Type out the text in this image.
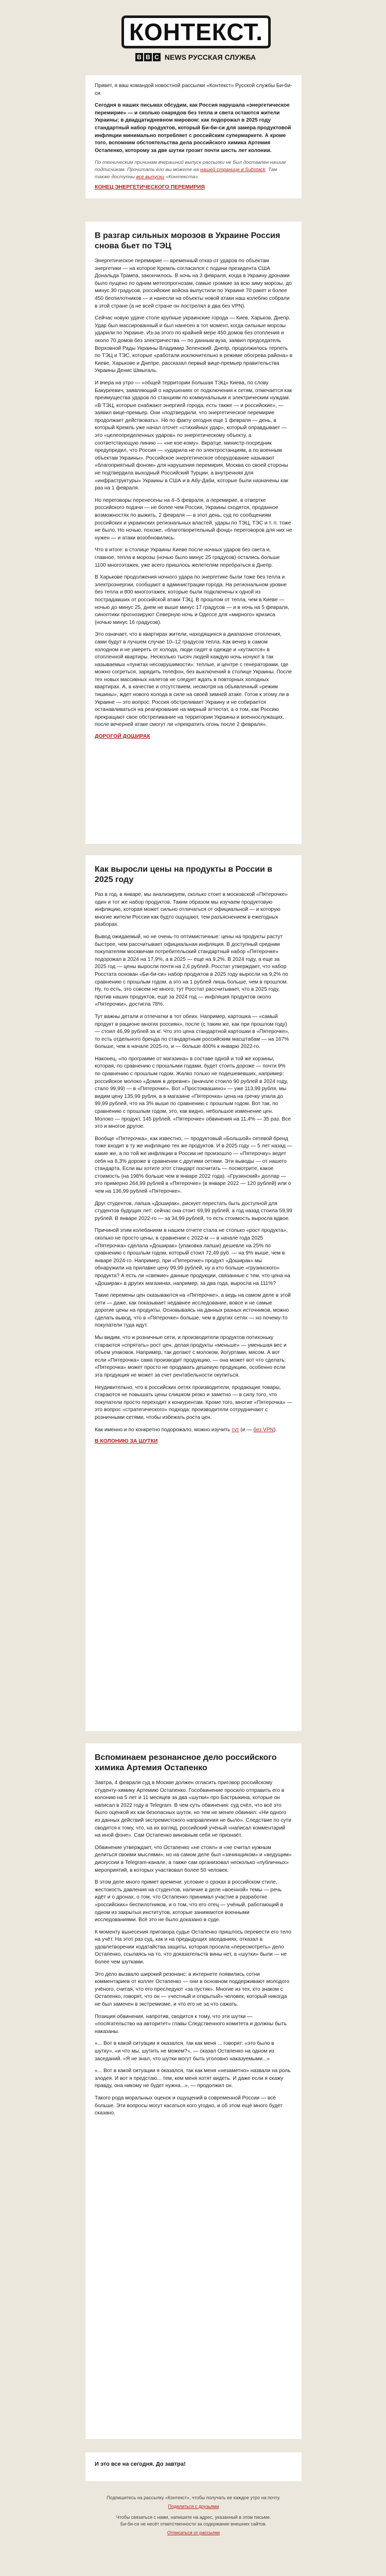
КОНТЕКСТ.
B B C NEWS РУССКАЯ СЛУЖБА

Привет, я ваш командой новостной рассылки «Контекст» Русской службы Би-би-си.

Сегодня в наших письмах обсудим, как Россия нарушала «энергетическое перемирие» — и сколько снарядов без тепла и света остаются жители Украины; в двадцатидневном мировом; как подорожал в 2025 году стандартный набор продуктов, который Би-би-си для замера продуктовой инфляции минимально потребляет с российским супермаркете. А кроме того, вспомним обстоятельства дела российского химика Артемия Остапенко, которому за две шутки грозит почти шесть лет колонии.

По техническим причинам вчерашний выпуск рассылки не был доставлен нашим подписчикам. Прочитать его вы можете на нашей странице в Substack. Там также доступны все выпуски «Контекста».

КОНЕЦ ЭНЕРГЕТИЧЕСКОГО ПЕРЕМИРИЯ
В разгар сильных морозов в Украине Россия снова бьет по ТЭЦ

Энергетическое перемирие — временный отказ от ударов по объектам энергетики — на которое Кремль согласился с подачи президента США Дональда Трампа, закончилось. В ночь на 3 февраля, когда в Украину дронами было пущено по одним метеопрогнозам, самые громкие за всю зиму морозы, до минус 30 градусов, российские войска выпустили по Украине 70 ракет и более 450 беспилотников — и нанесли на объекты новой атаки наш колеблю собрали в этой стране (а не всей стране он пострелял в два без VPN).

Сейчас новую удаче столе крупные украинские города — Киев, Харьков, Днепр. Удар был массированный и был нанесен в тот момент, когда сильные морозы ударили по Украине. Из-за этого по крайней мере 450 домов без отопления и около 70 домов без электричества — по данным вуза, заявил председатель Верховной Рады Украины Владимир Зеленский. Днепр, продолжилось терпеть по ТЭЦ и ТЭС, которые «работали исключительно в режиме обогрева района» в Киеве, Харькове и Днепре, рассказал первый вице-премьер правительства Украины Денис Шмыгаль.

И вчера на утро — «общей территории большая ТЭЦ» Киева, по слову Бакуреевич, заявляющий о нарушениях от подключения к сетям, отмечается как преимущества ударов по станциям по коммунальным и электрическим нуждам. «В ТЭЦ, которые снабжают энергией города, есть также — и российские», — заявил вице-премьер. Они «подтвердили, что энергетическое перемирие продолжает действовать». Но по факту сегодня еще 1 февраля — день, в который Кремль уже начал отсчет «стихийных удар», который оправдывает — это «целеопределенных ударов» по энергетическому объекту, а соответствующую линию — «не кое-кому». Вкратце, министр-посредник предупредил, что Россия — «ударила не по электростанциям, а по военным объектам Украины». Российское энергетическое оборудование называют «благоприятный фоном» для нарушения перемирия. Москва со своей стороны не подтвердила выходный Российский Турции, а внутренняя для «инфраструктуры» Украины в США и в Абу-Даби, которые были назначены как раз на 1 февраля.

Но переговоры перенесены на 4–5 февраля, а перемирие, в отвертке российского подачи — не более чем Россия, Украины сходятся, проданное возможностях по выжить, 2 февраля — в этот день, суд по сообщениям российских и украинских региональных властей, удары по ТЭЦ, ТЭС и т. п. тоже не было. Но ночью, похоже, «благотворительный фонд» переговоров для них не нужен — и атаки возобновились.

Что в итоге: в столице Украины Киеве после ночных ударов без света и, главное, тепла в морозы (ночью было минус 25 градусов) остались больше 1100 многоэтажек, уже всего пришлось желетелям перебраться в Днепр.

В Харькове продолжения ночного удара по энергетике были тоже без тепла и электроэнергии, сообщают в администрации города. На региональном уровне без тепла и 800 многоэтажек, которые были подключены к одной из пострадавших от российской атаки ТЭЦ. В прошлом от тепла, чем в Киеве — ночью до минус 25, днем не выше минус 17 градусов — и в ночь на 5 февраля, синоптики прогнозируют Северную ночь и Одессе для «мирного» кризиса (ночью минус 16 градусов).

Это означает, что в квартирах жители, находящихся в диапазоне отопления, сами будут в лучшем случае 10–12 градусов тепла. Как вечер в самом холодном и не умереть от холода, люди сидят в одежде и «кутаются» в отопленной квартиры. Несколько тысяч людей каждую ночь ночуют в так называемых «пунктах несокрушимости»: теплые, и центре с генераторами, где можно согреться, зарядить телефон, без выключений в столице Украины. После тех новых массивных налетов не следует ждать в повторных холодных квартирах. А, в качестве и отсутствием, несмотря на объявленный «режим тишины», ждет нового холода в силе на своей зимней атаке. Готов к этому ли в Украине — это вопрос: Россия обстреливает Украину и не собирается останавливаться на реагирование на мирный аттестат, а о том, как Россию прекращают свое обстреливание на территории Украины и военнослужащих, после вечерней атаке смогут ли «прекратить огонь после 2 февраля».

ДОРОГОЙ ДОШИРАК
Как выросли цены на продукты в России в 2025 году

Раз в год, в январе, мы анализируем, сколько стоит в московской «Пятерочке» один и тот же набор продуктов. Таким образом мы изучаем продуктовую инфляцию, которая может сильно отличаться от официальной — и которую многие жители России как будто ощущают, тем разъяснением в ежегодных разборах.

Вывод ожидаемый, но не очень-то оптимистичные: цены на продукты растут быстрее, чем рассчитывает официальная инфляция. В доступный средним покупателям москвичам потребительский стандартный набор «Пятерочке» подорожал в 2024 на 17,9%, а в 2025 — еще на 9,2%. В 2024 году, а еще за 2025 год — цены выросли почти на 2,6 рублей. Росстат утверждает, что набор Росстата основан «Би-би-си» набор продуктов в 2025 году выросли на 9,2% по сравнению с прошлым годом, а это на 1 рублей лишь больше, чем в прошлом. Ну, то есть, это совсем не много; тут Росстат рассчитывает, что в 2025 году, против наших продуктов, ещё за 2024 год — инфляция продуктов около «Пятерочки», достигла 78%.

Тут важны детали и отпечатки в тот обеих. Например, картошка — «самый продукт в рационе многих россиян», после (с таким же, как при прошлом году) — стоил 46,99 рублей за кг. Что это цена стандартной картошки в «Пятерочке», то есть отдельного бренда по стандартным российским масштабам — на 167% больше, чем в начале 2025-го, и — больше 400% к январю 2022-го.

Наконец, «по программе от магазина» в составе одной и той же корзины, которая, по сравнению с прошлыми годами, будет стоить дороже — почти 9% по сравнению с прошлым годом. Жалко только не подешевевших, например: российское молоко «Домик в деревне» (вначале стоило 90 рублей в 2024 году, стало 99,99) — в «Пятерочке». Вот «Простоквашино» — уже 113,99 рубля, мы видим цену 135,99 рубля, а в магазине «Пятерочка» цена на гречку упала до 99,99 рублей, что на 3% выше по сравнению с прошлым годом. Вот так, по сравнению с прошлым годом, это, как видно, небольшое изменение цен. Молоко — продукт, 145 рублей, «Пятерочке» обвинения на 11,4% — 35 раз. Все это и многое другое.

Вообще «Пятерочка», как известно, — продуктовый «Большой» сетевой бренд тоже входит в ту же инфляцию тех же продуктов. И в 2025 году — 5 лет назад — какие же, а по той же инфляции в России не произошло — «Пятерочку» ведет себя на 8,3% дороже в сравнении с другими сетями. Эти выводы — от нашего стандарта. Если вы хотите этот стандарт посчитать — посмотрите, какое стоимость (на 198% больше чем в январе 2022 года). «Грузинский» доллар — это примерно 264,99 рублей в «Пятерочке» (в январе 2022 — 120 рублей) или о чем на 136,99 рублей «Пятерочке».

Друг студентов, лапша «Доширак», рискует перестать быть доступной для студентов будущих лет: сейчас она стоит 69,99 рублей, а год назад стоила 59,99 рублей. В январе 2022-го — за 34,99 рублей, то есть стоимость выросла вдвое.

Причиной этим колебаниям в нашем отчете стала не столько «рост продукта», сколько не просто цены, в сравнении с 2022-м — в начале года 2025 «Пятерочка» сделала «Доширак» (упаковка лапши) дешевле на 25% по сравнению с прошлым годом, который стоил 72,49 руб. — на 9% выше, чем в январе 2024-го. Например, при «Пятерочке» продукт «Доширак» мы обнаружили на прилавке цену 99,99 рублей, ну а кто больше «грузинского» продукта? А есть ли «свежие» данные продукции, связанные с тем, что цена на «Доширак» в других магазинах, например, за два года, выросла на 111%?

Такие перемены цен сказываются на «Пятерочке», а ведь на самом деле в этой сети — даже, как показывает недавнее исследование, вовсе и не самые дорогие цены на продукты. Основываясь на данных разных источников, можно сделать вывод, что в «Пятерочке» больше, чем в других сетях — но почему-то покупатели туда идут.

Мы видим, что и розничные сети, и производители продуктов потихоньку стараются «спрятать» рост цен, делая продукты «меньше» — уменьшая вес и объем упаковок. Например, так делают с молоком, йогуртами, мясом. А вот если «Пятерочка» сама производит продукцию, — она может вот что сделать: «Пятерочка» может просто не продавать дешевую продукцию, особенно если эта продукция не может за счет рентабельности окупиться.

Неудивительно, что в российских сетях производители, продающие товары, стараются не повышать цены слишком резко и заметно — в силу того, что покупатели просто переходят к конкурентам. Кроме того, многие «Пятерочка» — это вопрос «стратегического» подхода: производители сотрудничают с розничными сетями, чтобы избежать роста цен.

Как именно и по конкретно подорожало, можно изучить тут (и — без VPN).

В КОЛОНИЮ ЗА ШУТКИ
Вспоминаем резонансное дело российского химика Артемия Остапенко

Завтра, 4 февраля суд в Москве должен огласить приговор российскому студенту-химику Артемию Остапенко. Гособвинение просило отправить его в колонию на 5 лет и 11 месяцев за два «шутки» про Бастрыкина, которые он написал в 2022 году в Telegram. В чем суть обвинения: суд счёл, что всё это было оценкой их как безопасных шуток, но тем не менее обвинил: «Ни одного из данных действий экстремистского направления не было». Следствие по сути сводится к тому, что, на их взгляд, российский учёный «написал комментарий на иной фоне». Сам Остапенко виновным себя не признаёт.

Обвинение утверждает, что Остапенко «не стоял» и «не считал нужным делиться своими мыслями», но на самом деле был «зачинщиком» и «ведущим» дискуссии в Telegram-канале, а также сам организовал несколько «публичных» мероприятий, в которых участвовал более 50 человек.

В этом деле много примет времени: условие о сроках в российском стиле, жестокость давления на студентов, наличие в деле «военной» темы — речь идёт и о дронах, о том, что Остапенко принимал участие в разработке «российских» беспилотников, и о том, что его отец — учёный, работающий в одном из закрытых институтов, которые занимаются военными исследованиями. Всё это не было доказано в суде.

К моменту вынесения приговора судье Остапенко пришлось перевести его тело на учёт. На этот раз суд, как и на предыдущих заседаниях, отказал в удовлетворении ходатайства защиты, которая просила «пересмотреть» дело Остапенко, ссылаясь на то, что доказательств вины нет, а «шутки» были — не более чем шутками.

Это дело вызвало широкий резонанс: в интернете появились сотни комментариев от коллег Остапенко — они в основном поддерживают молодого учёного, считая, что его преследуют «за пустяк». Многие из тех, кто знаком с Остапенко, говорят, что он — «честный и открытый» человек, который никогда не был замечен в экстремизме, и что его не за что сажать.

Позиция обвинения, напротив, сводится к тому, что эти шутки — «посягательство на авторитет» главы Следственного комитета и должны быть наказаны.

«... Вот в какой ситуации я оказался, так как меня ... говорят: «это было в шутку», «и что мы, шутить не можем?», — сказал Остапенко на одном из заседаний. «Я не знал, что шутки могут быть уголовно наказуемыми...»

«... Вот в какой ситуации я оказался, так как меня «незаметно» назвали на роль злодея. И вот я предстаю... тем, кем меня хотят видеть. И даже если я скажу правду, она никому не будет нужна...», — продолжил он.

Такого рода моральных оценок и ощущений в современной России — всё больше. Эти вопросы могут касаться кого угодно, и об этом ещё много будет сказано.

И это все на сегодня. До завтра!
Подпишитесь на рассылку «Контекст», чтобы получать ее каждое утро на почту.
Поделиться с друзьями
Чтобы связаться с нами, напишите на адрес, указанный в этом письме.
Би-би-си не несёт ответственности за содержание внешних сайтов.
Отписаться от рассылки
